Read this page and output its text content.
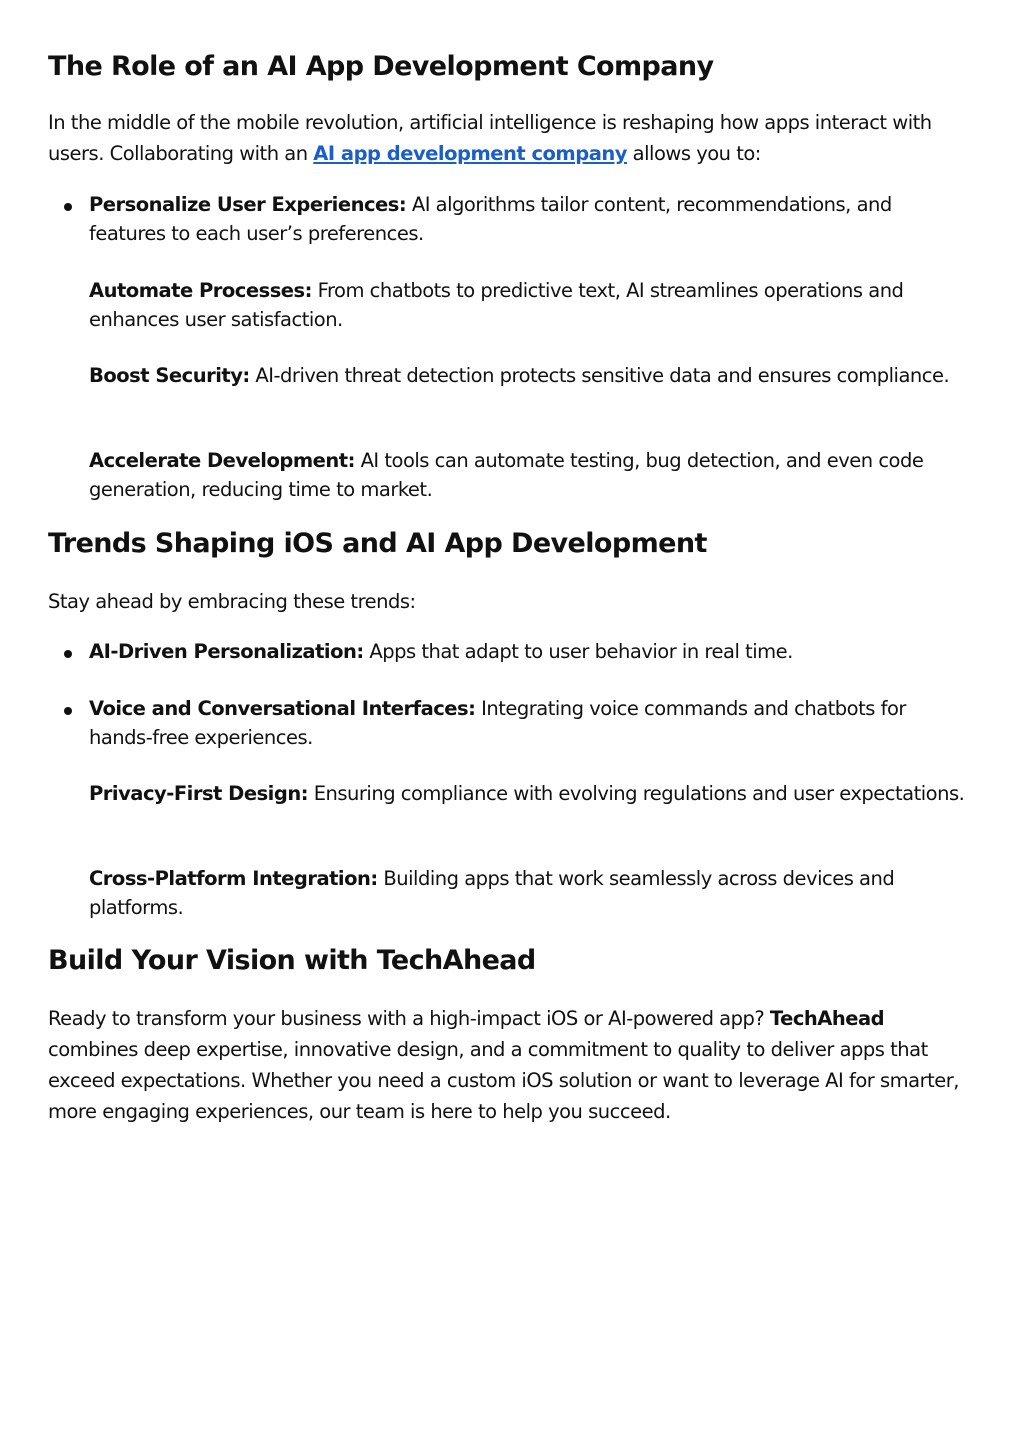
The Role of an AI App Development Company

In the middle of the mobile revolution, artificial intelligence is reshaping how apps interact with users. Collaborating with an AI app development company allows you to:

Personalize User Experiences: AI algorithms tailor content, recommendations, and features to each user’s preferences.

Automate Processes: From chatbots to predictive text, AI streamlines operations and enhances user satisfaction.

Boost Security: AI-driven threat detection protects sensitive data and ensures compliance.

Accelerate Development: AI tools can automate testing, bug detection, and even code generation, reducing time to market.

Trends Shaping iOS and AI App Development

Stay ahead by embracing these trends:

AI-Driven Personalization: Apps that adapt to user behavior in real time.

Voice and Conversational Interfaces: Integrating voice commands and chatbots for hands-free experiences.

Privacy-First Design: Ensuring compliance with evolving regulations and user expectations.

Cross-Platform Integration: Building apps that work seamlessly across devices and platforms.

Build Your Vision with TechAhead

Ready to transform your business with a high-impact iOS or AI-powered app? TechAhead combines deep expertise, innovative design, and a commitment to quality to deliver apps that exceed expectations. Whether you need a custom iOS solution or want to leverage AI for smarter, more engaging experiences, our team is here to help you succeed.
